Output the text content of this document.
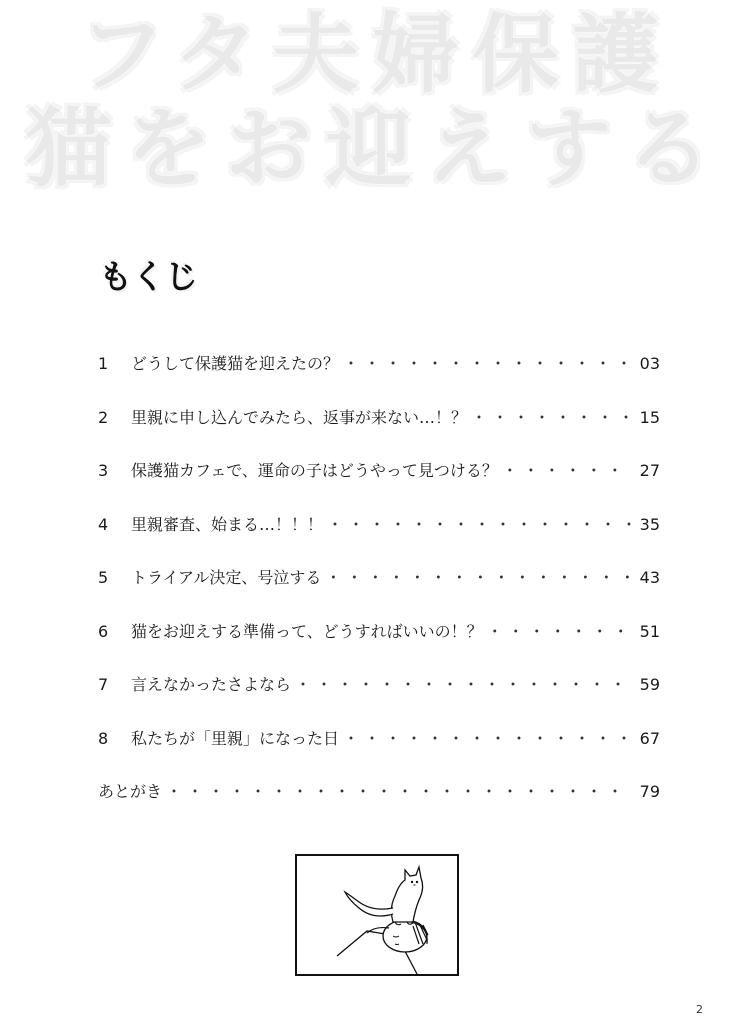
フタ夫婦保護
猫をお迎えする
もくじ
1	どうして保護猫を迎えたの？ ・・・・・・・・・・・・・・・・・・・・・・・・・・・・・・・・・・・・・・・・・・・・・・・・・・・・	03
2	里親に申し込んでみたら、返事が来ない…！？ ・・・・・・・・・・・・・・・・・・・・・・・・・・・・・・・・・・・・・・・・・・・・・・・・・・・・	15
3	保護猫カフェで、運命の子はどうやって見つける？ ・・・・・・・・・・・・・・・・・・・・・・・・・・・・・・・・・・・・・・・・・・・・・・・・・・・・	27
4	里親審査、始まる…！！！ ・・・・・・・・・・・・・・・・・・・・・・・・・・・・・・・・・・・・・・・・・・・・・・・・・・・・	35
5	トライアル決定、号泣する ・・・・・・・・・・・・・・・・・・・・・・・・・・・・・・・・・・・・・・・・・・・・・・・・・・・・	43
6	猫をお迎えする準備って、どうすればいいの！？ ・・・・・・・・・・・・・・・・・・・・・・・・・・・・・・・・・・・・・・・・・・・・・・・・・・・・	51
7	言えなかったさよなら ・・・・・・・・・・・・・・・・・・・・・・・・・・・・・・・・・・・・・・・・・・・・・・・・・・・・	59
8	私たちが「里親」になった日 ・・・・・・・・・・・・・・・・・・・・・・・・・・・・・・・・・・・・・・・・・・・・・・・・・・・・	67
あとがき ・・・・・・・・・・・・・・・・・・・・・・・・・・・・・・・・・・・・・・・・・・・・・・・・・・・・	79
2
